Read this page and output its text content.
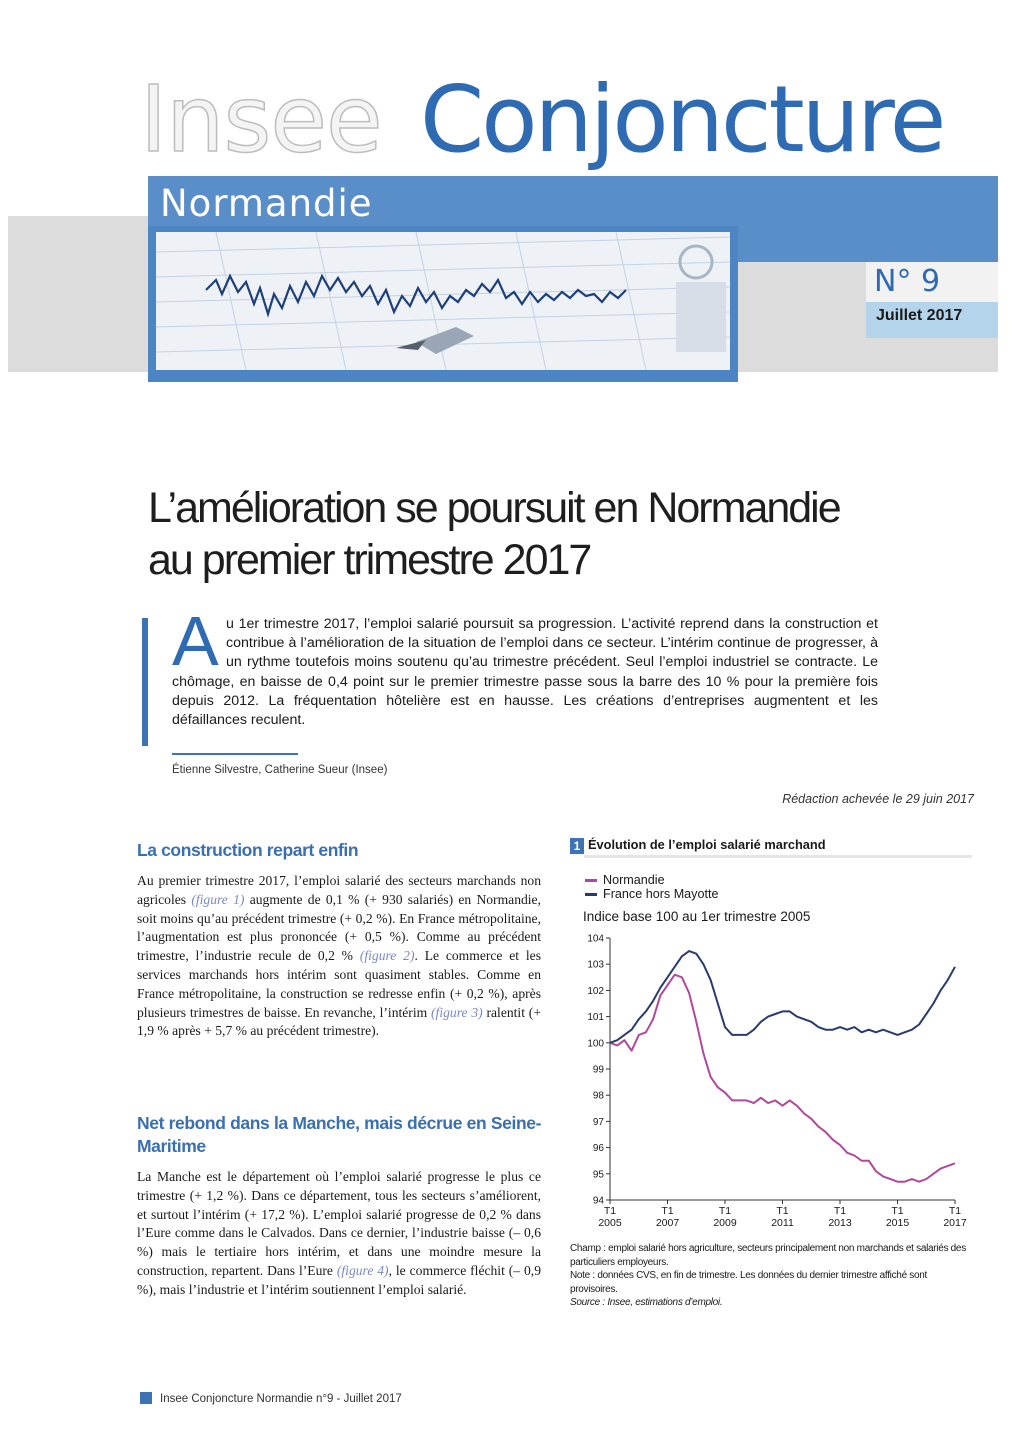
Insee Conjoncture
Normandie
N° 9
Juillet 2017
L’amélioration se poursuit en Normandie
au premier trimestre 2017
A u 1er trimestre 2017, l’emploi salarié poursuit sa progression. L’activité reprend dans la construction et contribue à l’amélioration de la situation de l’emploi dans ce secteur. L’intérim continue de progresser, à un rythme toutefois moins soutenu qu’au trimestre précédent. Seul l’emploi industriel se contracte. Le chômage, en baisse de 0,4 point sur le premier trimestre passe sous la barre des 10 % pour la première fois depuis 2012. La fréquentation hôtelière est en hausse. Les créations d’entreprises augmentent et les défaillances reculent.
Étienne Silvestre, Catherine Sueur (Insee)
Rédaction achevée le 29 juin 2017
La construction repart enfin
Au premier trimestre 2017, l’emploi salarié des secteurs marchands non agricoles (figure 1) augmente de 0,1 % (+ 930 salariés) en Normandie, soit moins qu’au précédent trimestre (+ 0,2 %). En France métropolitaine, l’augmentation est plus prononcée (+ 0,5 %). Comme au précédent trimestre, l’industrie recule de 0,2 % (figure 2). Le commerce et les services marchands hors intérim sont quasiment stables. Comme en France métropolitaine, la construction se redresse enfin (+ 0,2 %), après plusieurs trimestres de baisse. En revanche, l’intérim (figure 3) ralentit (+ 1,9 % après + 5,7 % au précédent trimestre).
Net rebond dans la Manche, mais décrue en Seine-Maritime
La Manche est le département où l’emploi salarié progresse le plus ce trimestre (+ 1,2 %). Dans ce département, tous les secteurs s’améliorent, et surtout l’intérim (+ 17,2 %). L’emploi salarié progresse de 0,2 % dans l’Eure comme dans le Calvados. Dans ce dernier, l’industrie baisse (– 0,6 %) mais le tertiaire hors intérim, et dans une moindre mesure la construction, repartent. Dans l’Eure (figure 4), le commerce fléchit (– 0,9 %), mais l’industrie et l’intérim soutiennent l’emploi salarié.
1 Évolution de l’emploi salarié marchand
Normandie
France hors Mayotte
Indice base 100 au 1er trimestre 2005
104
103
102
101
100
99
98
97
96
95
94
T1
2005
T1
2007
T1
2009
T1
2011
T1
2013
T1
2015
T1
2017
Champ : emploi salarié hors agriculture, secteurs principalement non marchands et salariés des particuliers employeurs.
Note : données CVS, en fin de trimestre. Les données du dernier trimestre affiché sont provisoires.
Source : Insee, estimations d’emploi.
Insee Conjoncture Normandie n°9 - Juillet 2017
